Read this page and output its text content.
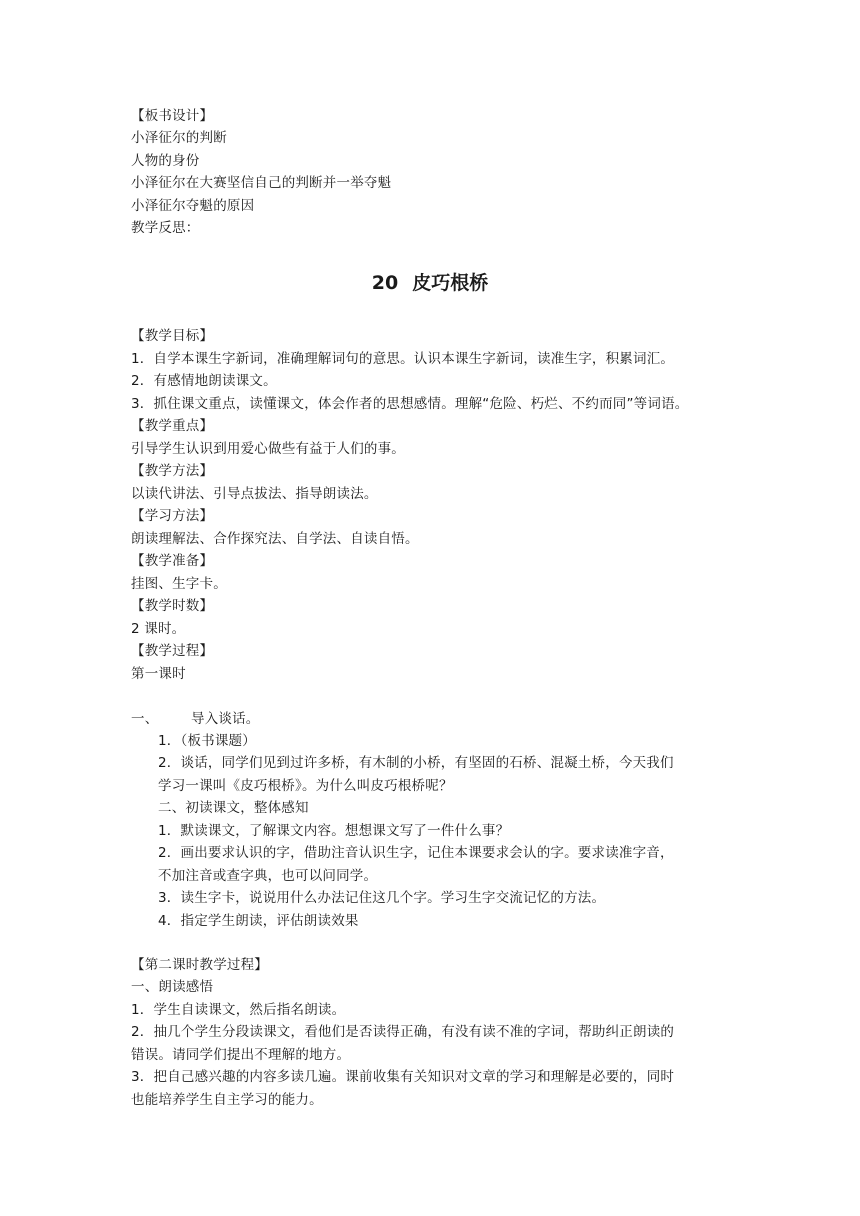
【板书设计】
小泽征尔的判断
人物的身份
小泽征尔在大赛坚信自己的判断并一举夺魁
小泽征尔夺魁的原因
教学反思：
20 皮巧根桥
【教学目标】
1．自学本课生字新词，准确理解词句的意思。认识本课生字新词，读准生字，积累词汇。
2．有感情地朗读课文。
3．抓住课文重点，读懂课文，体会作者的思想感情。理解“危险、朽烂、不约而同”等词语。
【教学重点】
引导学生认识到用爱心做些有益于人们的事。
【教学方法】
以读代讲法、引导点拔法、指导朗读法。
【学习方法】
朗读理解法、合作探究法、自学法、自读自悟。
【教学准备】
挂图、生字卡。
【教学时数】
2 课时。
【教学过程】
第一课时
一、 导入谈话。
1．（板书课题）
2．谈话，同学们见到过许多桥，有木制的小桥，有坚固的石桥、混凝土桥，今天我们
学习一课叫《皮巧根桥》。为什么叫皮巧根桥呢？
二、初读课文，整体感知
1．默读课文，了解课文内容。想想课文写了一件什么事？
2．画出要求认识的字，借助注音认识生字，记住本课要求会认的字。要求读准字音，
不加注音或查字典，也可以问同学。
3．读生字卡，说说用什么办法记住这几个字。学习生字交流记忆的方法。
4．指定学生朗读，评估朗读效果
【第二课时教学过程】
一、朗读感悟
1．学生自读课文，然后指名朗读。
2．抽几个学生分段读课文，看他们是否读得正确，有没有读不准的字词，帮助纠正朗读的
错误。请同学们提出不理解的地方。
3．把自己感兴趣的内容多读几遍。课前收集有关知识对文章的学习和理解是必要的，同时
也能培养学生自主学习的能力。
